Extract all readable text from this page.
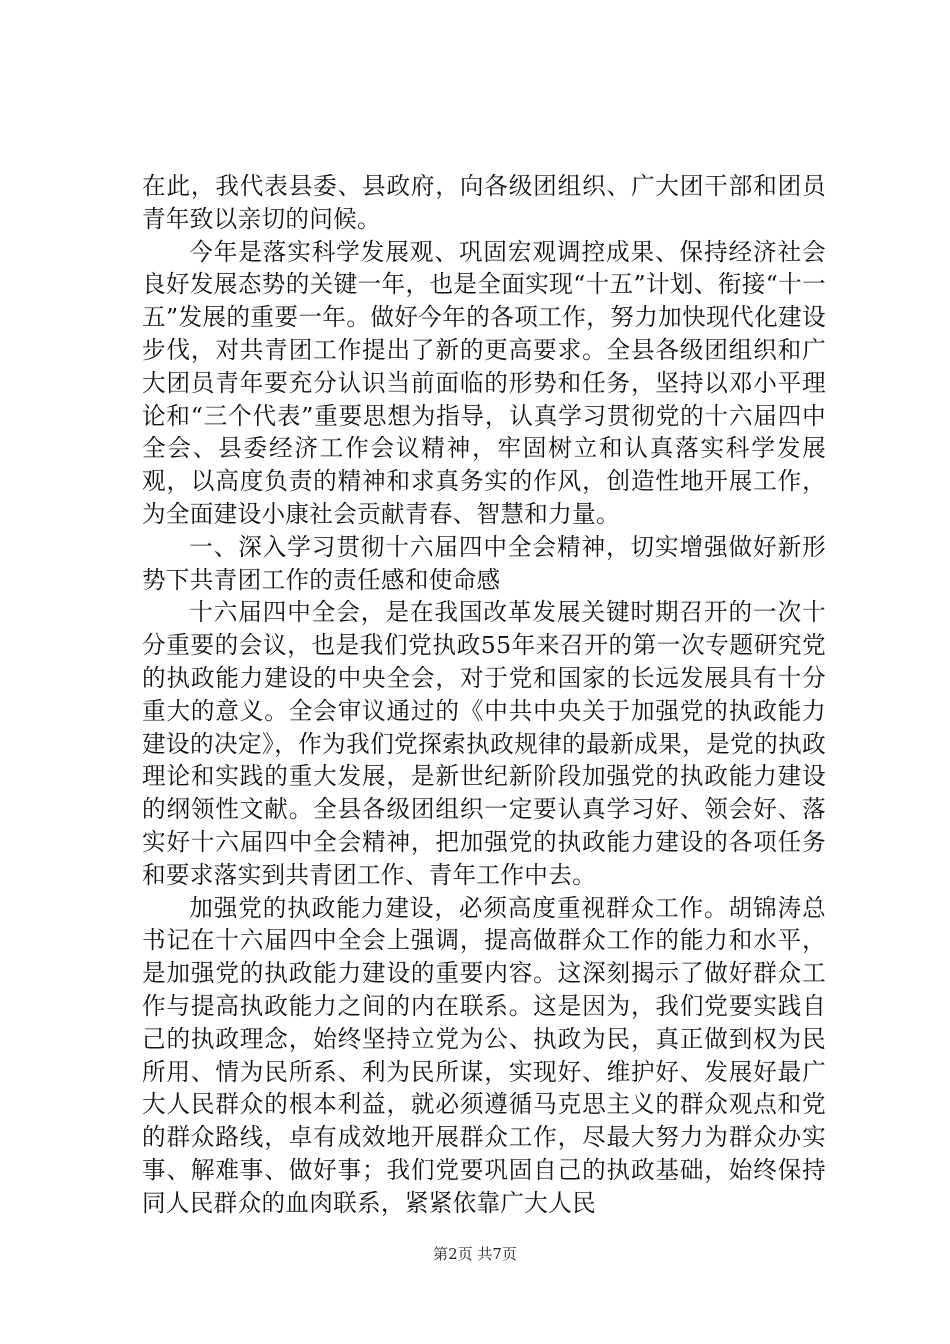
在此，我代表县委、县政府，向各级团组织、广大团干部和团员青年致以亲切的问候。

今年是落实科学发展观、巩固宏观调控成果、保持经济社会良好发展态势的关键一年，也是全面实现“十五”计划、衔接“十一五”发展的重要一年。做好今年的各项工作，努力加快现代化建设步伐，对共青团工作提出了新的更高要求。全县各级团组织和广大团员青年要充分认识当前面临的形势和任务，坚持以邓小平理论和“三个代表”重要思想为指导，认真学习贯彻党的十六届四中全会、县委经济工作会议精神，牢固树立和认真落实科学发展观，以高度负责的精神和求真务实的作风，创造性地开展工作，为全面建设小康社会贡献青春、智慧和力量。

一、深入学习贯彻十六届四中全会精神，切实增强做好新形势下共青团工作的责任感和使命感

十六届四中全会，是在我国改革发展关键时期召开的一次十分重要的会议，也是我们党执政55年来召开的第一次专题研究党的执政能力建设的中央全会，对于党和国家的长远发展具有十分重大的意义。全会审议通过的《中共中央关于加强党的执政能力建设的决定》，作为我们党探索执政规律的最新成果，是党的执政理论和实践的重大发展，是新世纪新阶段加强党的执政能力建设的纲领性文献。全县各级团组织一定要认真学习好、领会好、落实好十六届四中全会精神，把加强党的执政能力建设的各项任务和要求落实到共青团工作、青年工作中去。

加强党的执政能力建设，必须高度重视群众工作。胡锦涛总书记在十六届四中全会上强调，提高做群众工作的能力和水平，是加强党的执政能力建设的重要内容。这深刻揭示了做好群众工作与提高执政能力之间的内在联系。这是因为，我们党要实践自己的执政理念，始终坚持立党为公、执政为民，真正做到权为民所用、情为民所系、利为民所谋，实现好、维护好、发展好最广大人民群众的根本利益，就必须遵循马克思主义的群众观点和党的群众路线，卓有成效地开展群众工作，尽最大努力为群众办实事、解难事、做好事；我们党要巩固自己的执政基础，始终保持同人民群众的血肉联系，紧紧依靠广大人民

第2页 共7页
